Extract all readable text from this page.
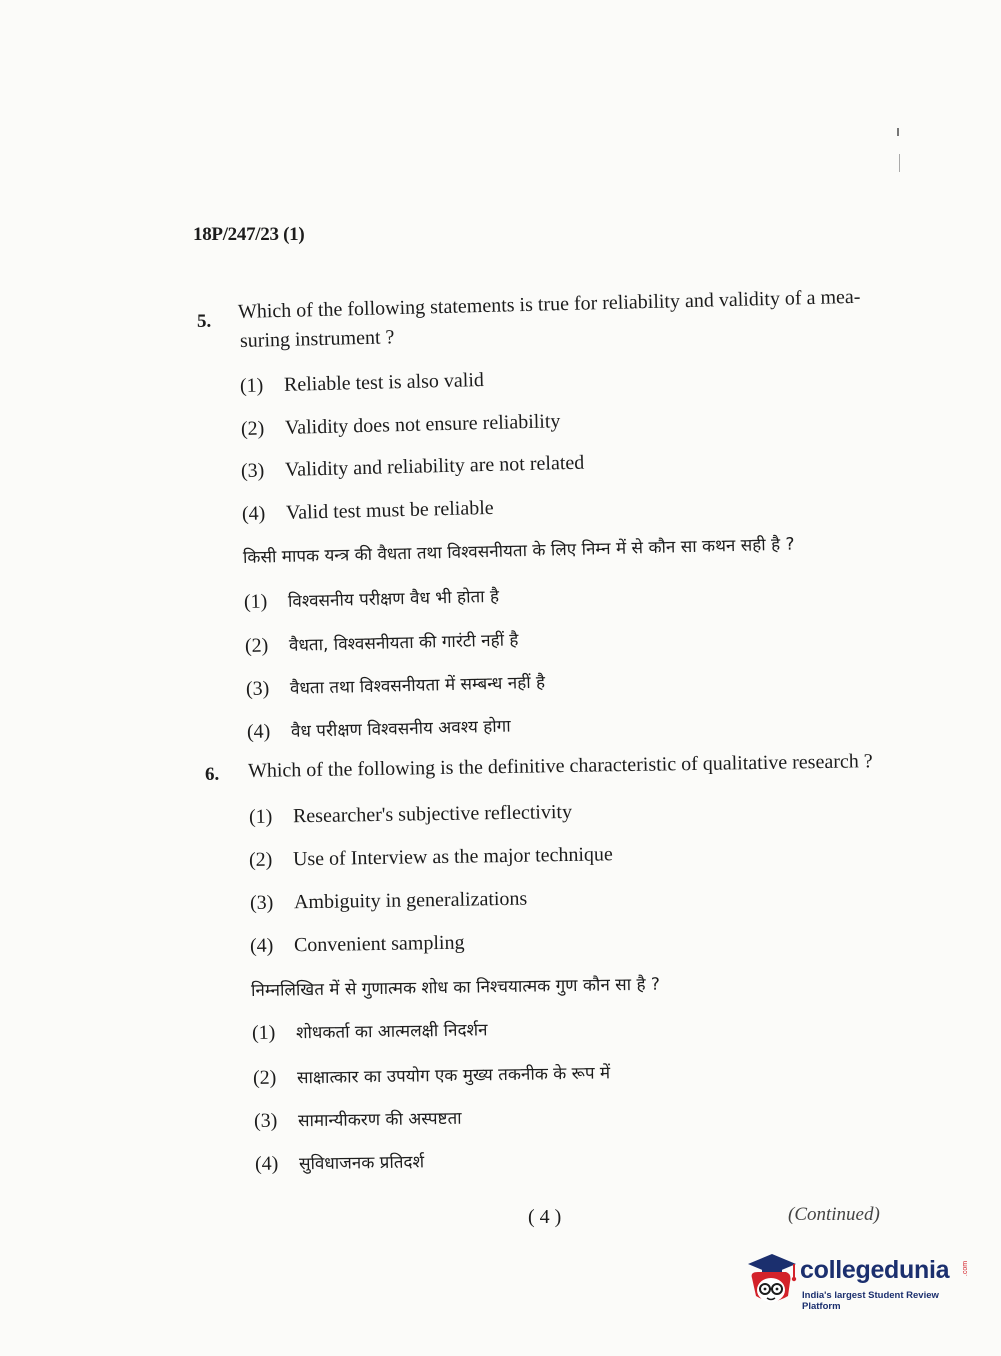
18P/247/23 (1)
5. Which of the following statements is true for reliability and validity of a mea-
suring instrument ?
(1) Reliable test is also valid
(2) Validity does not ensure reliability
(3) Validity and reliability are not related
(4) Valid test must be reliable
किसी मापक यन्त्र की वैधता तथा विश्वसनीयता के लिए निम्न में से कौन सा कथन सही है ?
(1) विश्वसनीय परीक्षण वैध भी होता है
(2) वैधता, विश्वसनीयता की गारंटी नहीं है
(3) वैधता तथा विश्वसनीयता में सम्बन्ध नहीं है
(4) वैध परीक्षण विश्वसनीय अवश्य होगा
6. Which of the following is the definitive characteristic of qualitative research ?
(1) Researcher's subjective reflectivity
(2) Use of Interview as the major technique
(3) Ambiguity in generalizations
(4) Convenient sampling
निम्नलिखित में से गुणात्मक शोध का निश्चयात्मक गुण कौन सा है ?
(1) शोधकर्ता का आत्मलक्षी निदर्शन
(2) साक्षात्कार का उपयोग एक मुख्य तकनीक के रूप में
(3) सामान्यीकरण की अस्पष्टता
(4) सुविधाजनक प्रतिदर्श
( 4 )	(Continued)
collegedunia .com
India's largest Student Review Platform
